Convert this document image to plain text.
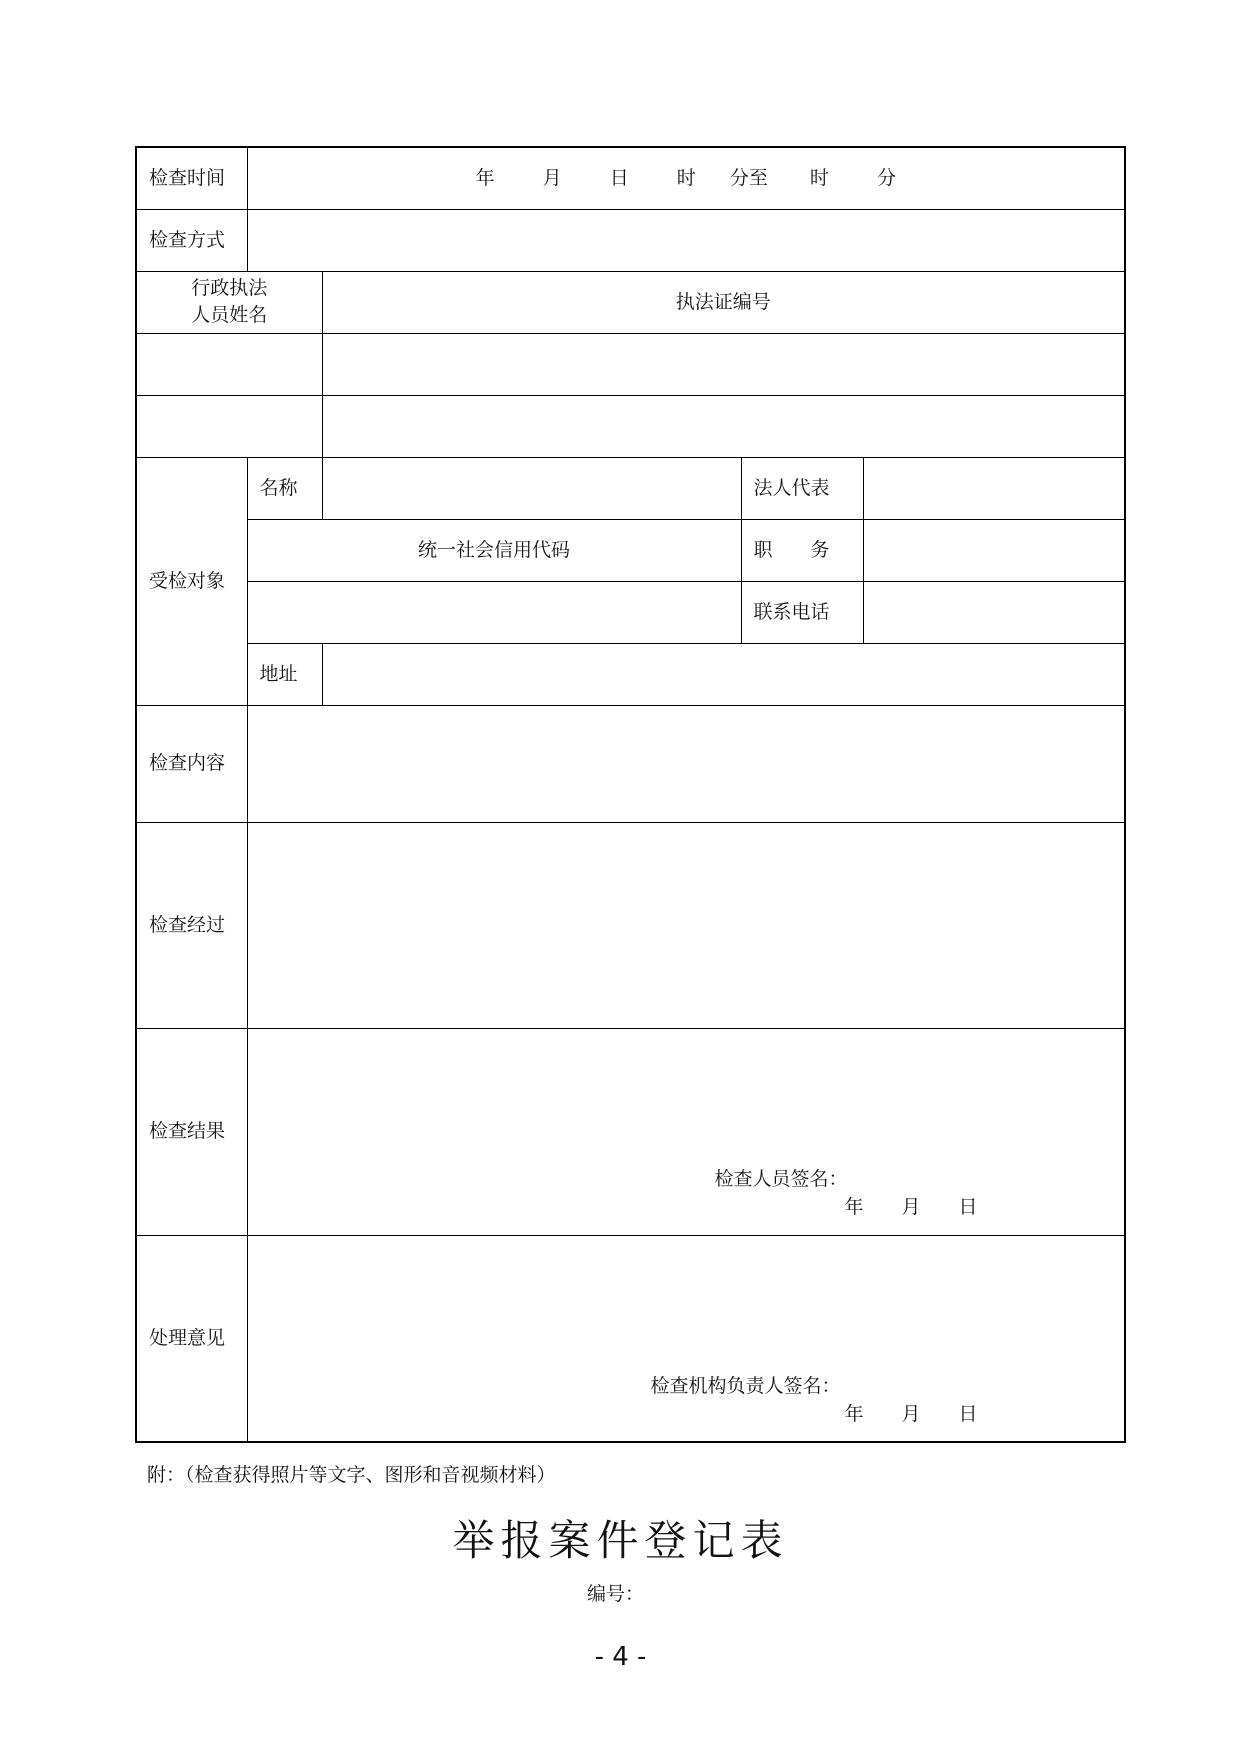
检查时间	年 月 日 时 分至 时 分			
检查方式				

行政执法
人员姓名		执法证编号		

受检对象	名称		法人代表	
	统一社会信用代码		职 务	
			联系电话	
	地址			
检查内容				
检查经过				
检查结果	检查人员签名：
年　　月　　日			

处理意见	检查机构负责人签名：
年　　月　　日			
附：（检查获得照片等文字、图形和音视频材料）
举报案件登记表
编号：
- 4 -
